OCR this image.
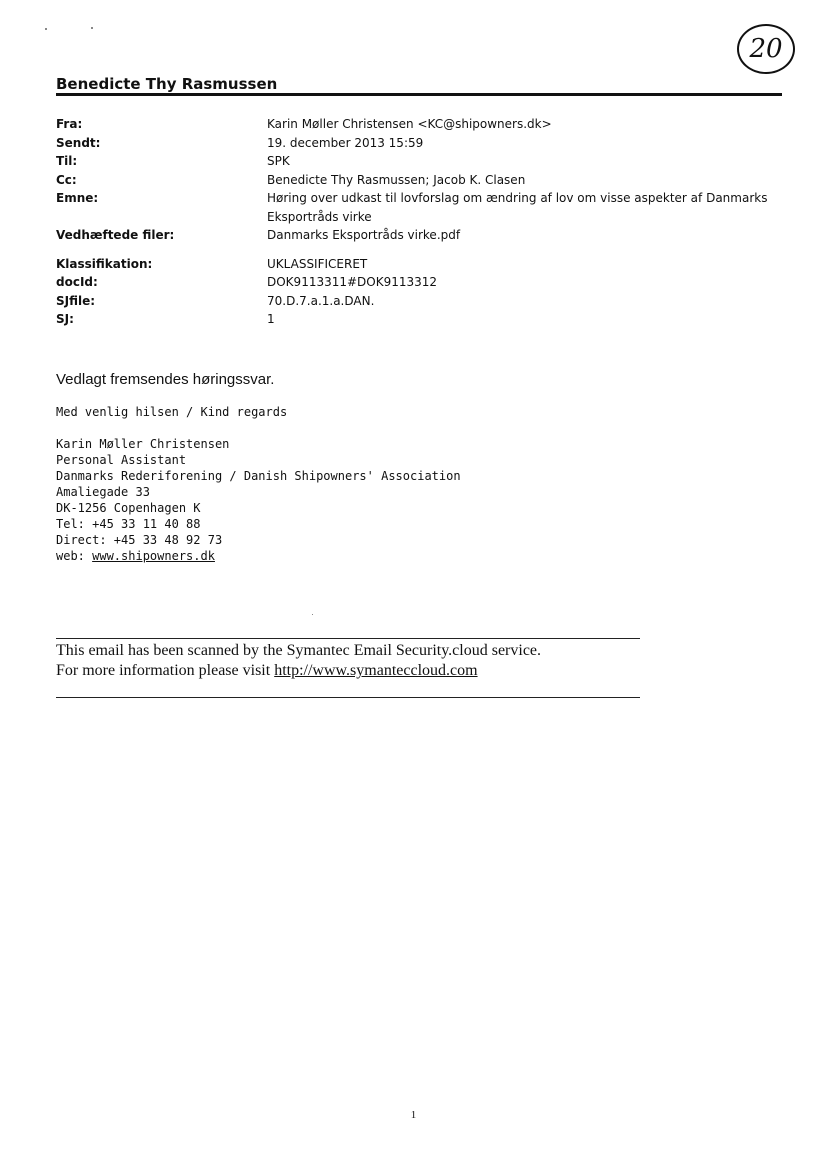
20
Benedicte Thy Rasmussen
Fra:	Karin Møller Christensen <KC@shipowners.dk>
Sendt:	19. december 2013 15:59
Til:	SPK
Cc:	Benedicte Thy Rasmussen; Jacob K. Clasen
Emne:	Høring over udkast til lovforslag om ændring af lov om visse aspekter af Danmarks Eksportråds virke
Vedhæftede filer:	Danmarks Eksportråds virke.pdf
Klassifikation:	UKLASSIFICERET
docId:	DOK9113311#DOK9113312
SJfile:	70.D.7.a.1.a.DAN.
SJ:	1
Vedlagt fremsendes høringssvar.
Med venlig hilsen / Kind regards
Karin Møller Christensen
Personal Assistant
Danmarks Rederiforening / Danish Shipowners' Association
Amaliegade 33
DK-1256 Copenhagen K
Tel: +45 33 11 40 88
Direct: +45 33 48 92 73
web: www.shipowners.dk
This email has been scanned by the Symantec Email Security.cloud service.
For more information please visit http://www.symanteccloud.com
1
